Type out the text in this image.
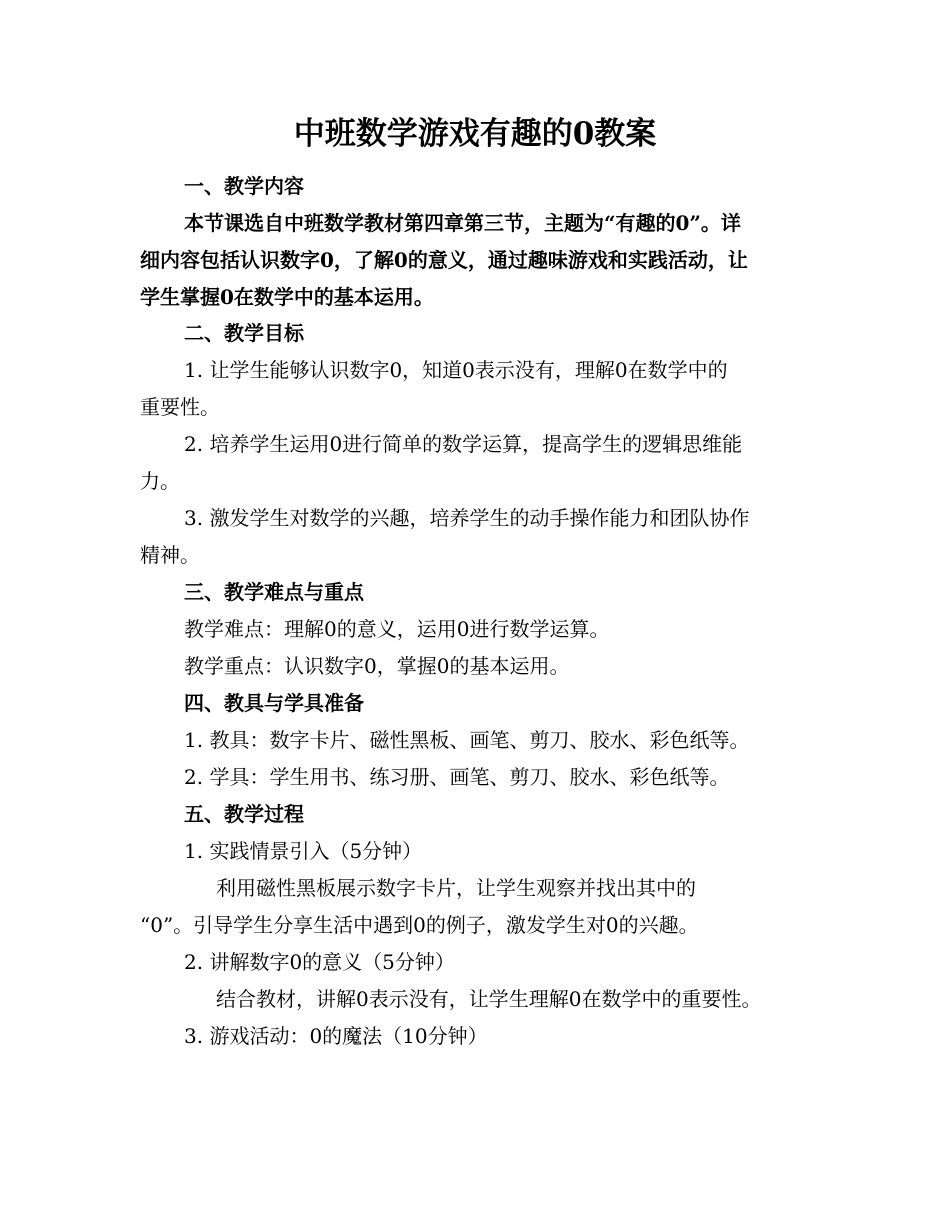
中班数学游戏有趣的0教案
一、教学内容
本节课选自中班数学教材第四章第三节，主题为“有趣的0”。详
细内容包括认识数字0，了解0的意义，通过趣味游戏和实践活动，让
学生掌握0在数学中的基本运用。
二、教学目标
1. 让学生能够认识数字0，知道0表示没有，理解0在数学中的
重要性。
2. 培养学生运用0进行简单的数学运算，提高学生的逻辑思维能
力。
3. 激发学生对数学的兴趣，培养学生的动手操作能力和团队协作
精神。
三、教学难点与重点
教学难点：理解0的意义，运用0进行数学运算。
教学重点：认识数字0，掌握0的基本运用。
四、教具与学具准备
1. 教具：数字卡片、磁性黑板、画笔、剪刀、胶水、彩色纸等。
2. 学具：学生用书、练习册、画笔、剪刀、胶水、彩色纸等。
五、教学过程
1. 实践情景引入（5分钟）
利用磁性黑板展示数字卡片，让学生观察并找出其中的
“0”。引导学生分享生活中遇到0的例子，激发学生对0的兴趣。
2. 讲解数字0的意义（5分钟）
结合教材，讲解0表示没有，让学生理解0在数学中的重要性。
3. 游戏活动：0的魔法（10分钟）
